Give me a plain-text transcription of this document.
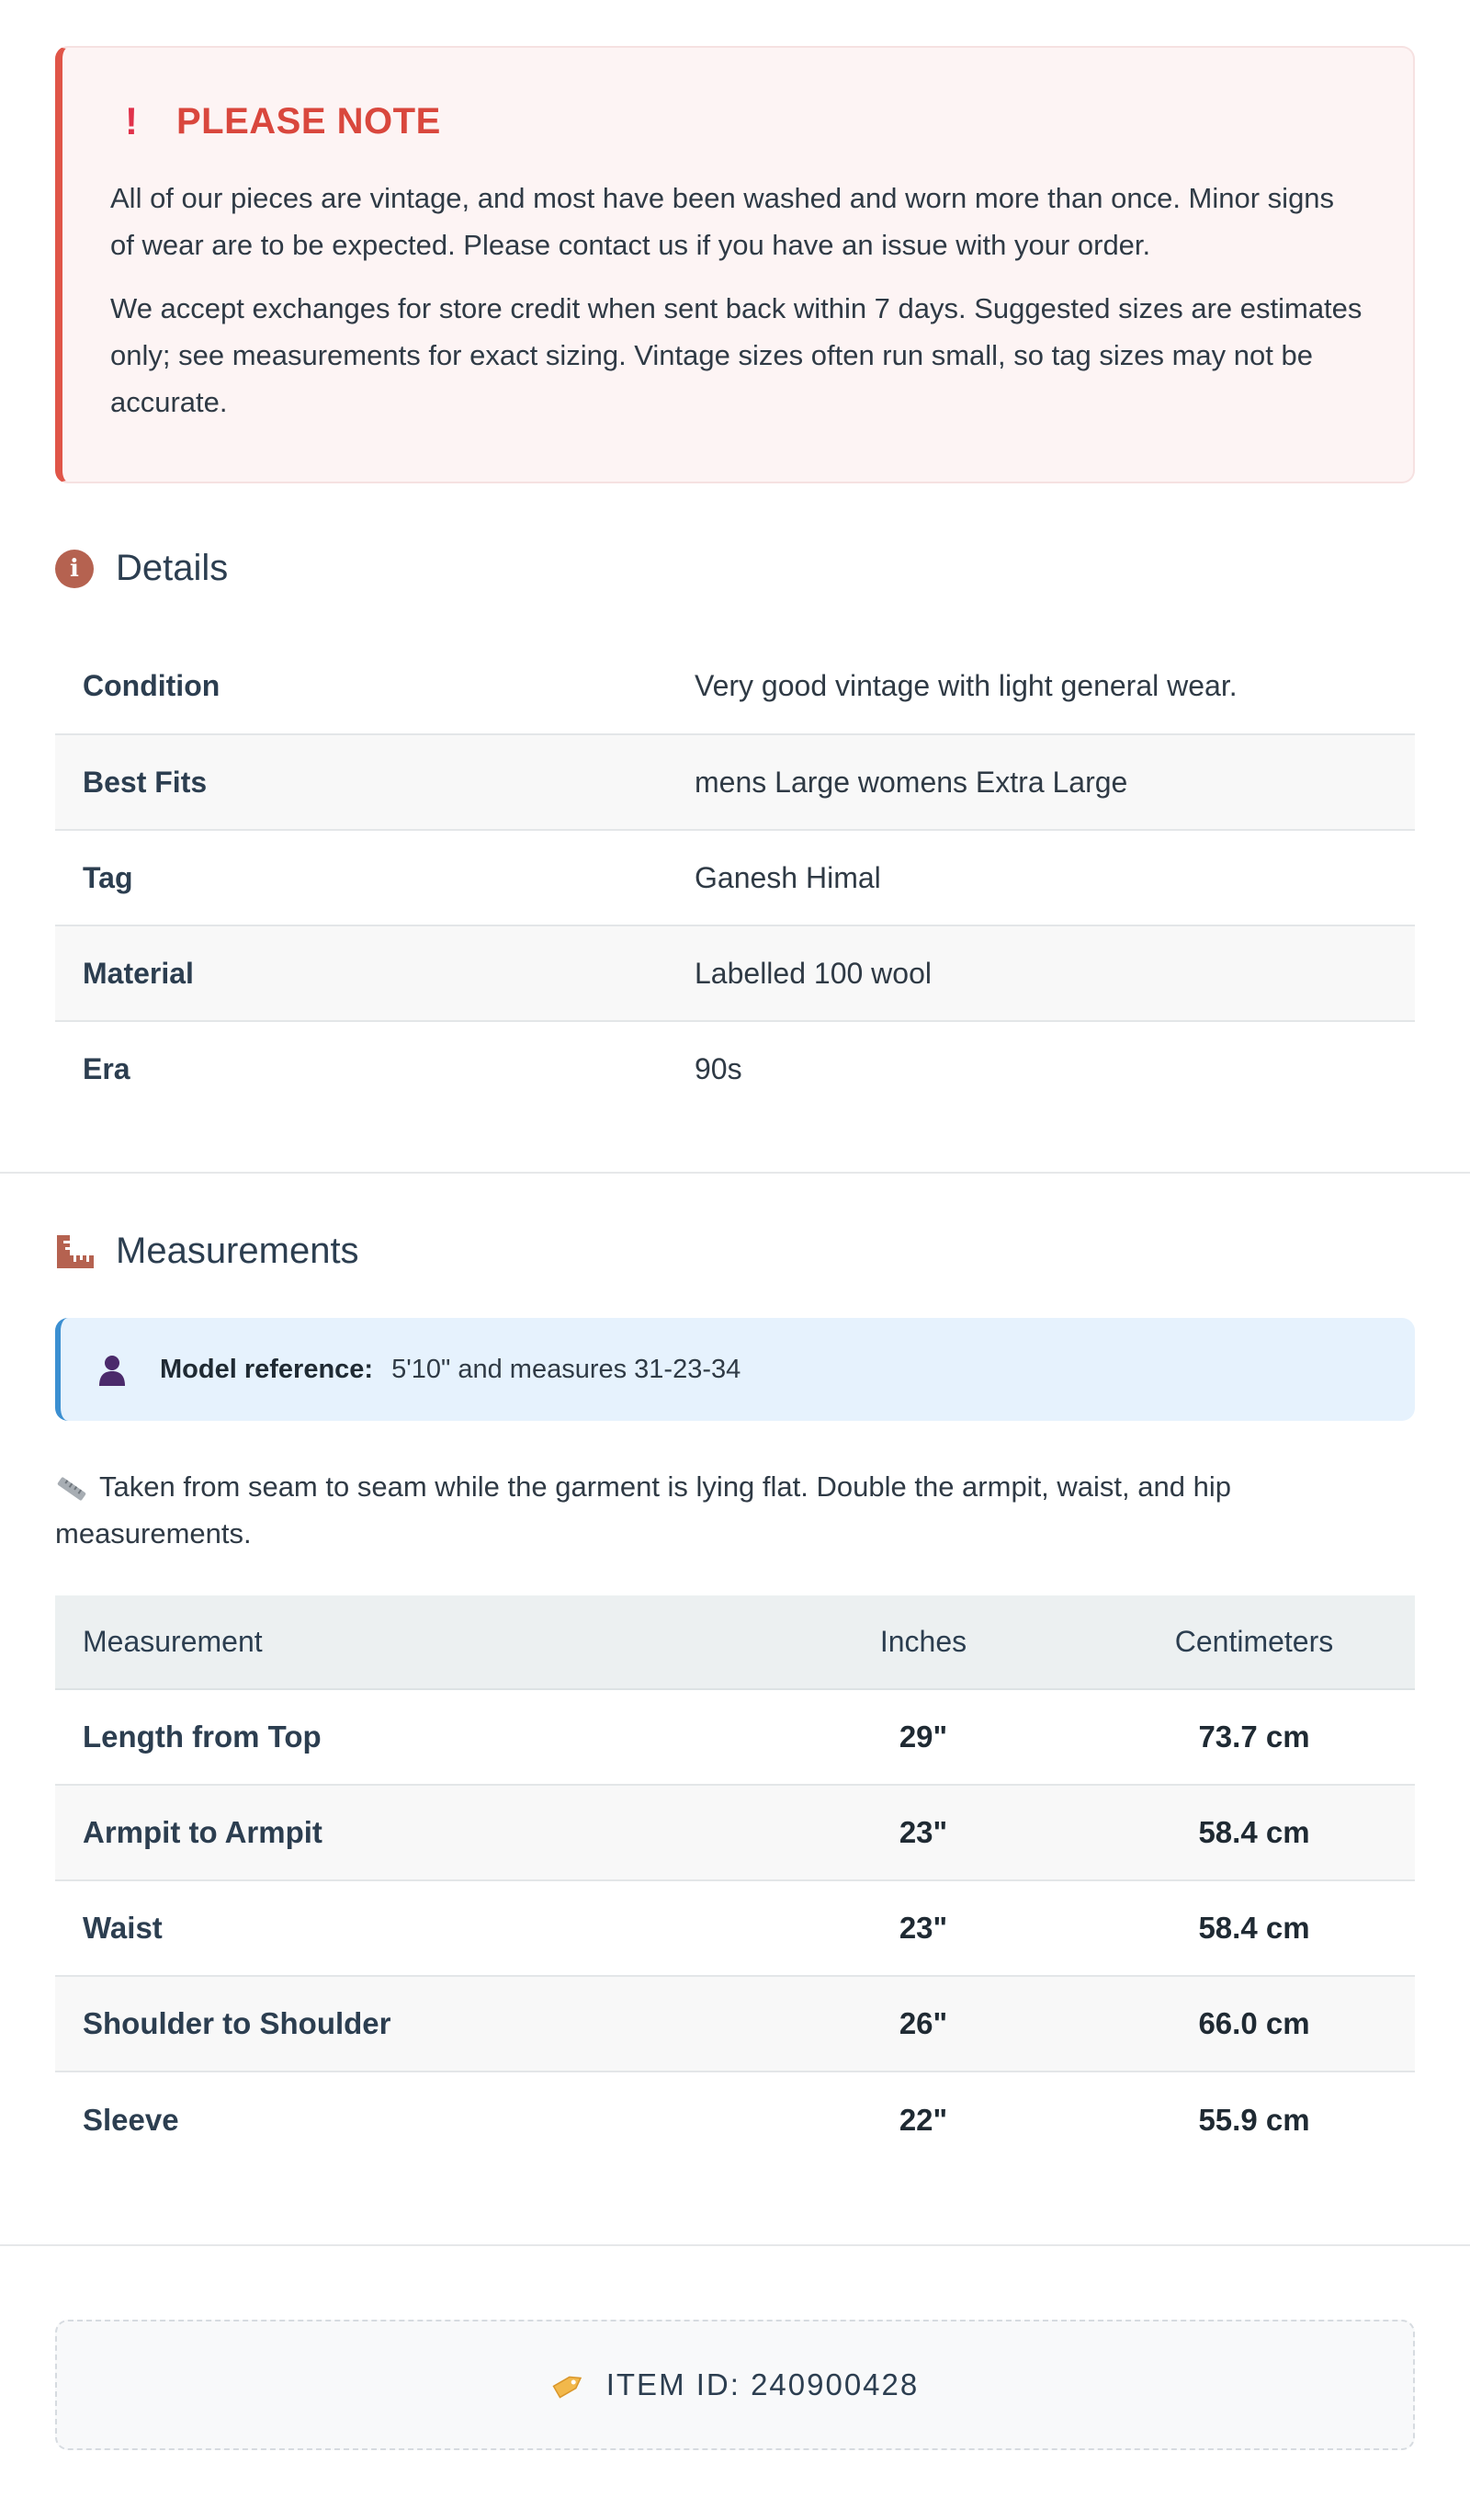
!	PLEASE NOTE

All of our pieces are vintage, and most have been washed and worn more than once. Minor signs of wear are to be expected. Please contact us if you have an issue with your order.

We accept exchanges for store credit when sent back within 7 days. Suggested sizes are estimates only; see measurements for exact sizing. Vintage sizes often run small, so tag sizes may not be accurate.

i	Details
Condition	Very good vintage with light general wear.
Best Fits	mens Large womens Extra Large
Tag	Ganesh Himal
Material	Labelled 100 wool
Era	90s
Measurements
Model reference: 5'10" and measures 31-23-34

Taken from seam to seam while the garment is lying flat. Double the armpit, waist, and hip measurements.

Measurement	Inches	Centimeters
Length from Top	29"	73.7 cm
Armpit to Armpit	23"	58.4 cm
Waist	23"	58.4 cm
Shoulder to Shoulder	26"	66.0 cm
Sleeve	22"	55.9 cm
ITEM ID: 240900428
